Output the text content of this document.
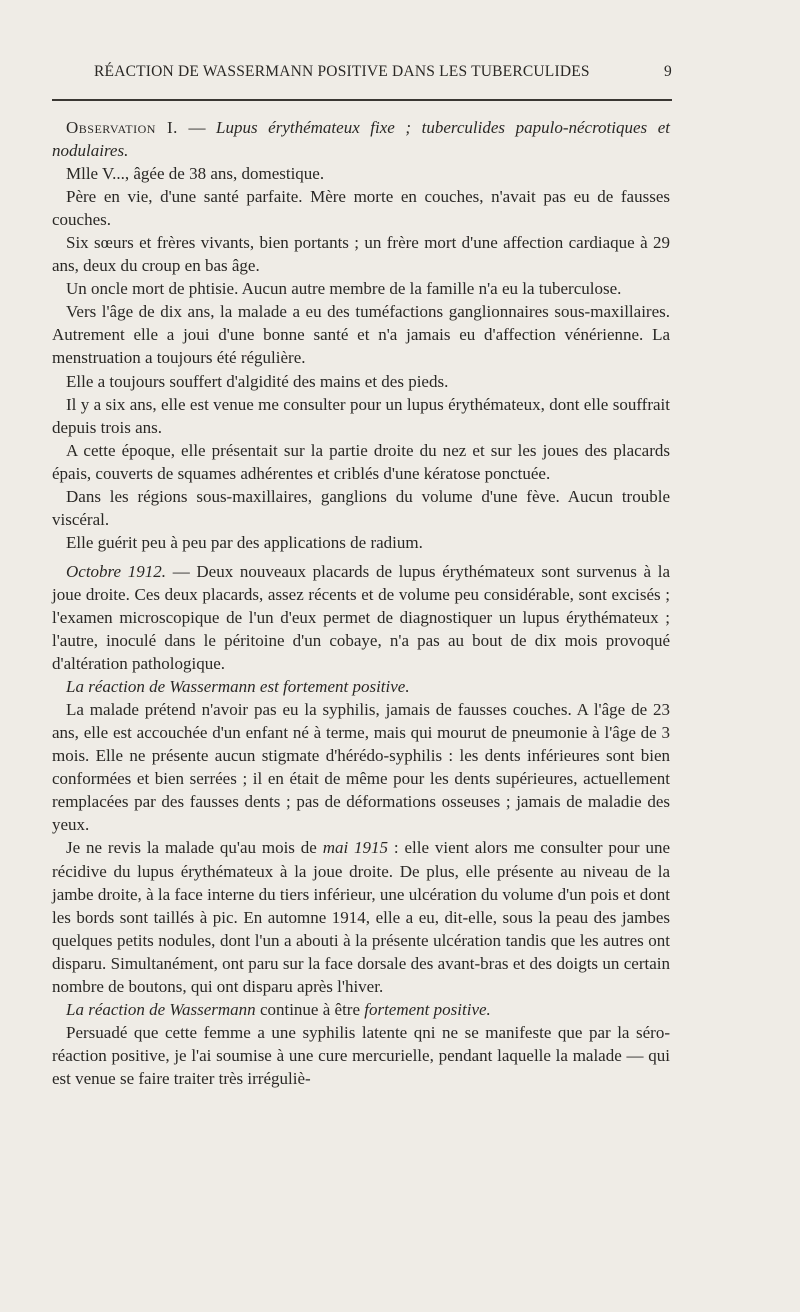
RÉACTION DE WASSERMANN POSITIVE DANS LES TUBERCULIDES	9

Observation I. — Lupus érythémateux fixe ; tuberculides papulo-nécrotiques et nodulaires.

Mlle V..., âgée de 38 ans, domestique.

Père en vie, d'une santé parfaite. Mère morte en couches, n'avait pas eu de fausses couches.

Six sœurs et frères vivants, bien portants ; un frère mort d'une affection cardiaque à 29 ans, deux du croup en bas âge.

Un oncle mort de phtisie. Aucun autre membre de la famille n'a eu la tuberculose.

Vers l'âge de dix ans, la malade a eu des tuméfactions ganglionnaires sous-maxillaires. Autrement elle a joui d'une bonne santé et n'a jamais eu d'affection vénérienne. La menstruation a toujours été régulière.

Elle a toujours souffert d'algidité des mains et des pieds.

Il y a six ans, elle est venue me consulter pour un lupus érythémateux, dont elle souffrait depuis trois ans.

A cette époque, elle présentait sur la partie droite du nez et sur les joues des placards épais, couverts de squames adhérentes et criblés d'une kératose ponctuée.

Dans les régions sous-maxillaires, ganglions du volume d'une fève. Aucun trouble viscéral.

Elle guérit peu à peu par des applications de radium.

Octobre 1912. — Deux nouveaux placards de lupus érythémateux sont survenus à la joue droite. Ces deux placards, assez récents et de volume peu considérable, sont excisés ; l'examen microscopique de l'un d'eux permet de diagnostiquer un lupus érythémateux ; l'autre, inoculé dans le péritoine d'un cobaye, n'a pas au bout de dix mois provoqué d'altération pathologique.

La réaction de Wassermann est fortement positive.

La malade prétend n'avoir pas eu la syphilis, jamais de fausses couches. A l'âge de 23 ans, elle est accouchée d'un enfant né à terme, mais qui mourut de pneumonie à l'âge de 3 mois. Elle ne présente aucun stigmate d'hérédo-syphilis : les dents inférieures sont bien conformées et bien serrées ; il en était de même pour les dents supérieures, actuellement remplacées par des fausses dents ; pas de déformations osseuses ; jamais de maladie des yeux.

Je ne revis la malade qu'au mois de mai 1915 : elle vient alors me consulter pour une récidive du lupus érythémateux à la joue droite. De plus, elle présente au niveau de la jambe droite, à la face interne du tiers inférieur, une ulcération du volume d'un pois et dont les bords sont taillés à pic. En automne 1914, elle a eu, dit-elle, sous la peau des jambes quelques petits nodules, dont l'un a abouti à la présente ulcération tandis que les autres ont disparu. Simultanément, ont paru sur la face dorsale des avant-bras et des doigts un certain nombre de boutons, qui ont disparu après l'hiver.

La réaction de Wassermann continue à être fortement positive.

Persuadé que cette femme a une syphilis latente qni ne se manifeste que par la séro-réaction positive, je l'ai soumise à une cure mercurielle, pendant laquelle la malade — qui est venue se faire traiter très irréguliè-
